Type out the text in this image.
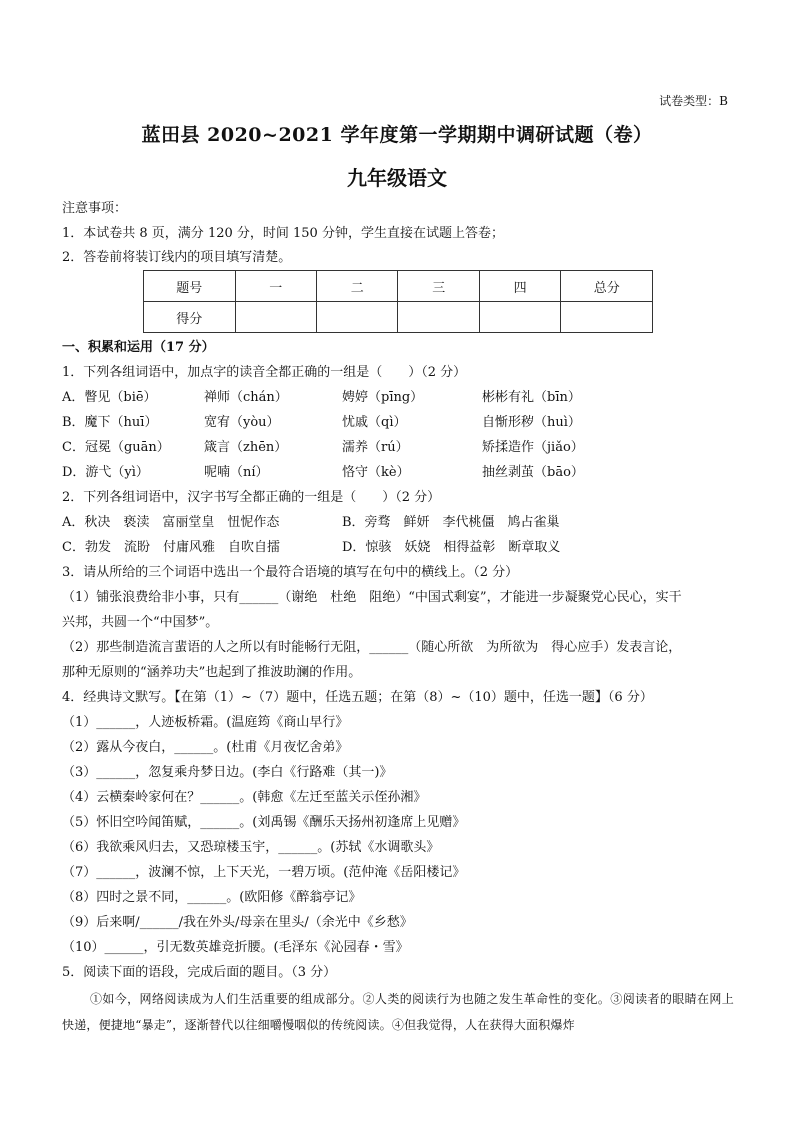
试卷类型：B
蓝田县 2020~2021 学年度第一学期期中调研试题（卷）
九年级语文
注意事项：
1．本试卷共 8 页，满分 120 分，时间 150 分钟，学生直接在试题上答卷；
2．答卷前将装订线内的项目填写清楚。
题号	一	二	三	四	总分
得分					
一、积累和运用（17 分）
1．下列各组词语中，加点字的读音全都正确的一组是（　　）（2 分）
A．瞥见（biē）	禅师（chán）	娉婷（pīng）	彬彬有礼（bīn）
B．魔下（huī）	宽宥（yòu）	忧戚（qì）	自惭形秽（huì）
C．冠冕（guān）	箴言（zhēn）	濡养（rú）	矫揉造作（jiǎo）
D．游弋（yì）	呢喃（ní）	恪守（kè）	抽丝剥茧（bāo）
2．下列各组词语中，汉字书写全都正确的一组是（　　）（2 分）
A．秋决　亵渎　富丽堂皇　忸怩作态	B．旁骛　鲜妍　李代桃僵　鸠占雀巢
C．勃发　流盼　付庸风雅　自吹自擂	D．惊骇　妖娆　相得益彰　断章取义
3．请从所给的三个词语中选出一个最符合语境的填写在句中的横线上。（2 分）
（1）铺张浪费给非小事，只有______（谢绝　杜绝　阻绝）“中国式剩宴”，才能进一步凝聚党心民心，实干
兴邦，共圆一个“中国梦”。
（2）那些制造流言蜚语的人之所以有时能畅行无阻，______（随心所欲　为所欲为　得心应手）发表言论，
那种无原则的“涵养功夫”也起到了推波助澜的作用。
4．经典诗文默写。【在第（1）~（7）题中，任选五题；在第（8）~（10）题中，任选一题】（6 分）
（1）______，人迹板桥霜。(温庭筠《商山早行》
（2）露从今夜白，______。(杜甫《月夜忆舍弟》
（3）______，忽复乘舟梦日边。(李白《行路难（其一)》
（4）云横秦岭家何在？______。(韩愈《左迁至蓝关示侄孙湘》
（5）怀旧空吟闻笛赋，______。(刘禹锡《酬乐天扬州初逢席上见赠》
（6）我欲乘风归去，又恐琼楼玉宇，______。(苏轼《水调歌头》
（7）______，波澜不惊，上下天光，一碧万顷。(范仲淹《岳阳楼记》
（8）四时之景不同，______。(欧阳修《醉翁亭记》
（9）后来啊/______/我在外头/母亲在里头/（余光中《乡愁》
（10）______，引无数英雄竞折腰。(毛泽东《沁园春・雪》
5．阅读下面的语段，完成后面的题目。（3 分）

①如今，网络阅读成为人们生活重要的组成部分。②人类的阅读行为也随之发生革命性的变化。③阅读者的眼睛在网上快递，便捷地“暴走”，逐渐替代以往细嚼慢咽似的传统阅读。④但我觉得，人在获得大面积爆炸
